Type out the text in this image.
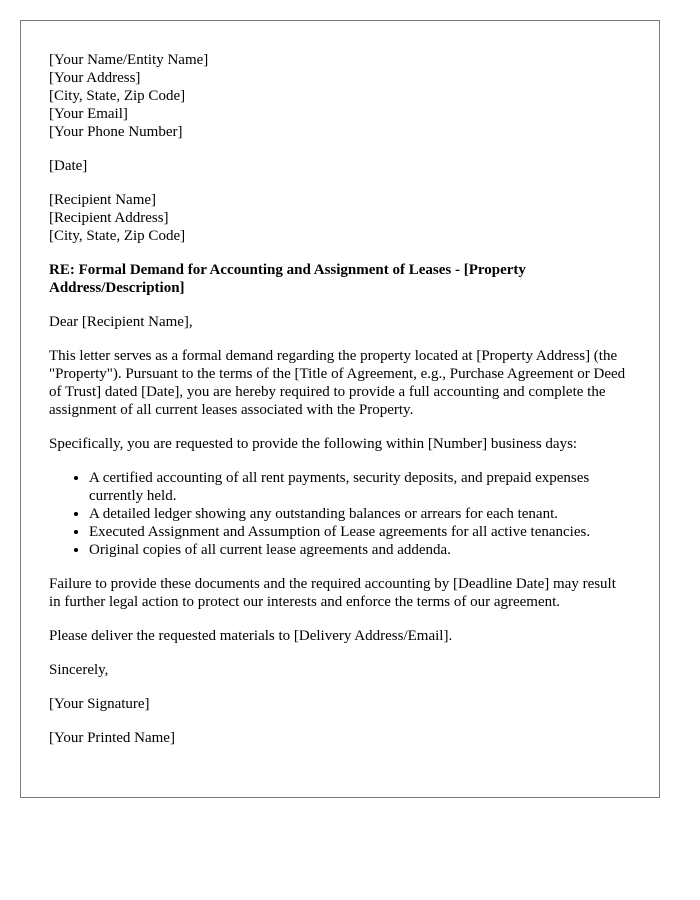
[Your Name/Entity Name]

[Your Address]

[City, State, Zip Code]

[Your Email]

[Your Phone Number]

[Date]

[Recipient Name]

[Recipient Address]

[City, State, Zip Code]

RE: Formal Demand for Accounting and Assignment of Leases - [Property Address/Description]

Dear [Recipient Name],

This letter serves as a formal demand regarding the property located at [Property Address] (the "Property"). Pursuant to the terms of the [Title of Agreement, e.g., Purchase Agreement or Deed of Trust] dated [Date], you are hereby required to provide a full accounting and complete the assignment of all current leases associated with the Property.

Specifically, you are requested to provide the following within [Number] business days:

• A certified accounting of all rent payments, security deposits, and prepaid expenses currently held.
• A detailed ledger showing any outstanding balances or arrears for each tenant.
• Executed Assignment and Assumption of Lease agreements for all active tenancies.
• Original copies of all current lease agreements and addenda.

Failure to provide these documents and the required accounting by [Deadline Date] may result in further legal action to protect our interests and enforce the terms of our agreement.

Please deliver the requested materials to [Delivery Address/Email].

Sincerely,

[Your Signature]

[Your Printed Name]
